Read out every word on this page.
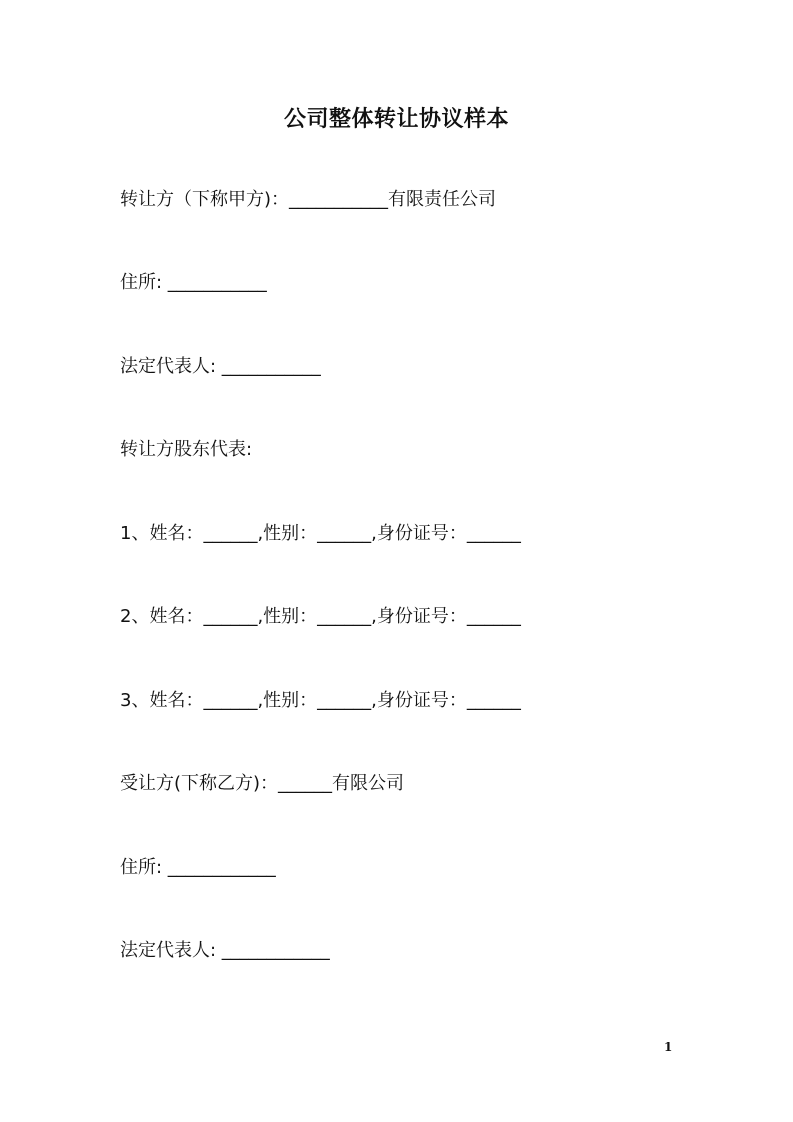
公司整体转让协议样本
转让方（下称甲方)：___________有限责任公司
住所: ___________
法定代表人: ___________
转让方股东代表:
1、姓名：______,性别：______,身份证号：______
2、姓名：______,性别：______,身份证号：______
3、姓名：______,性别：______,身份证号：______
受让方(下称乙方)：______有限公司
住所: ____________
法定代表人: ____________
1
